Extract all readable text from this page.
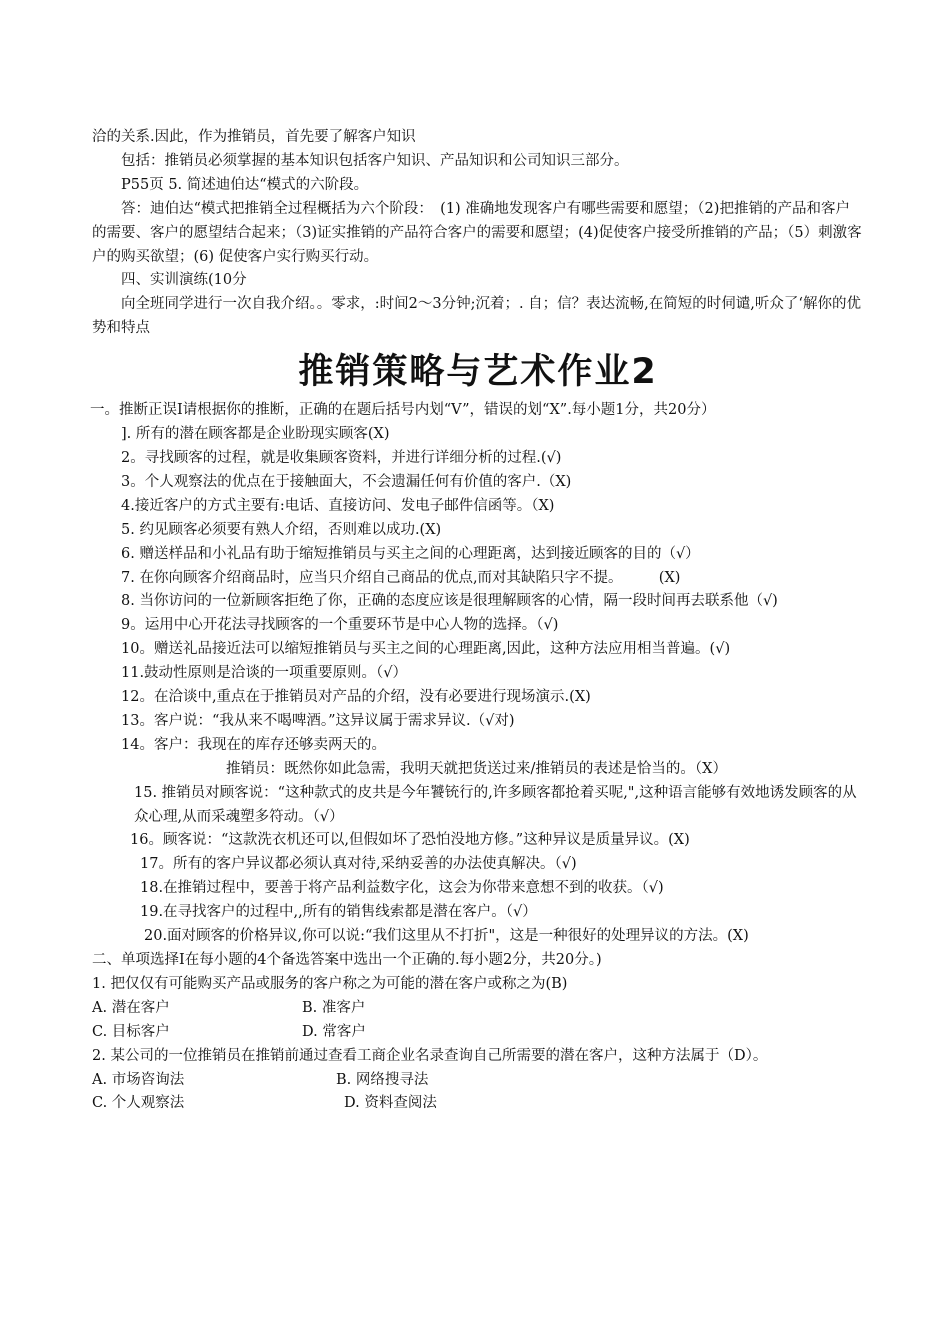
洽的关系.因此，作为推销员，首先要了解客户知识
包括：推销员必须掌握的基本知识包括客户知识、产品知识和公司知识三部分。
P55页 5. 简述迪伯达“模式的六阶段。
答：迪伯达“模式把推销全过程概括为六个阶段：　(1) 准确地发现客户有哪些需要和愿望；（2)把推销的产品和客户的需要、客户的愿望结合起来；（3)证实推销的产品符合客户的需要和愿望；(4)促使客户接受所推销的产品；（5）刺激客户的购买欲望；(6) 促使客户实行购买行动。
四、实训演练(10分
向全班同学进行一次自我介绍。。零求，:时间2〜3分钟;沉着；. 自；信？表达流畅,在简短的时伺谴,听众了‘解你的优势和特点
推销策略与艺术作业2
一。推断正误I请根据你的推断，正确的在题后括号内划“V”，错误的划“X”.每小题1分，共20分）
]. 所有的潜在顾客都是企业盼现实顾客(X)
2。寻找顾客的过程，就是收集顾客资料，并进行详细分析的过程.(√)
3。个人观察法的优点在于接触面大，不会遗漏任何有价值的客户.（X)
4.接近客户的方式主要有:电话、直接访问、发电子邮件信函等。（X)
5. 约见顾客必须要有熟人介绍，否则难以成功.(X)
6. 赠送样品和小礼品有助于缩短推销员与买主之间的心理距离，达到接近顾客的目的（√）
7. 在你向顾客介绍商品时，应当只介绍自己商品的优点,而对其缺陷只字不提。　　　(X)
8. 当你访问的一位新顾客拒绝了你，正确的态度应该是很理解顾客的心情，隔一段时间再去联系他（√)
9。运用中心开花法寻找顾客的一个重要环节是中心人物的选择。（√)
10。赠送礼品接近法可以缩短推销员与买主之间的心理距离,因此，这种方法应用相当普遍。(√)
11.鼓动性原则是洽谈的一项重要原则。（√）
12。在洽谈中,重点在于推销员对产品的介绍，没有必要进行现场演示.(X)
13。客户说：“我从来不喝啤酒。”这异议属于需求异议.（√对)
14。客户：我现在的库存还够卖两天的。
推销员：既然你如此急需，我明天就把货送过来/推销员的表述是恰当的。（X）
15. 推销员对顾客说：“这种款式的皮共是今年饕铳行的,许多顾客都抢着买呢,",这种语言能够有效地诱发顾客的从众心理,从而采魂塑多符动。（√）
16。顾客说：“这款洗衣机还可以,但假如坏了恐怕没地方修。”这种异议是质量异议。(X)
17。所有的客户异议都必须认真对待,采纳妥善的办法使真解决。（√)
18.在推销过程中，要善于将产品利益数字化，这会为你带来意想不到的收获。（√)
19.在寻找客户的过程中,,所有的销售线索都是潜在客户。（√）
20.面对顾客的价格异议,你可以说:“我们这里从不打折"，这是一种很好的处理异议的方法。(X)
二、单项选择I在每小题的4个备选答案中选出一个正确的.每小题2分，共20分。)
1. 把仅仅有可能购买产品或服务的客户称之为可能的潜在客户或称之为(B)
A. 潜在客户	B. 准客户
C. 目标客户	D. 常客户
2. 某公司的一位推销员在推销前通过查看工商企业名录查询自己所需要的潜在客户，这种方法属于（D）。
A. 市场咨询法	B. 网络搜寻法
C. 个人观察法	D. 资料查阅法
